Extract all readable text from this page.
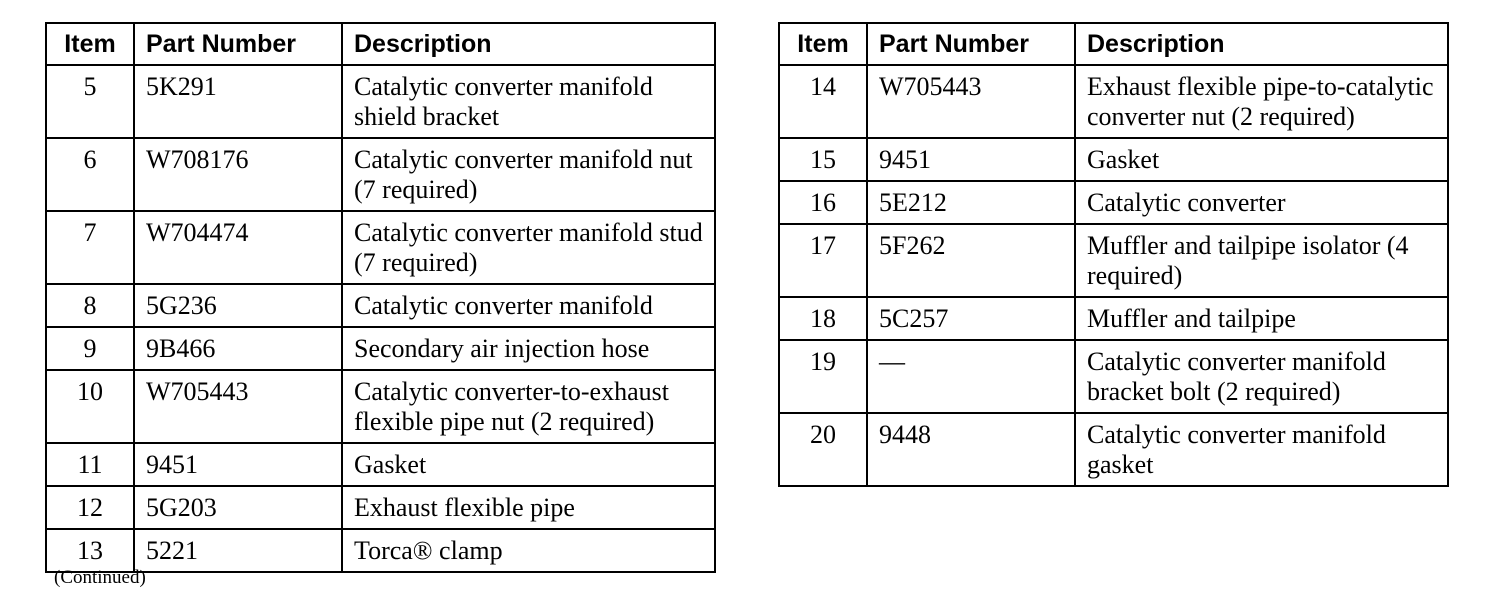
Item	Part Number	Description
5	5K291	Catalytic converter manifold shield bracket
6	W708176	Catalytic converter manifold nut (7 required)
7	W704474	Catalytic converter manifold stud (7 required)
8	5G236	Catalytic converter manifold
9	9B466	Secondary air injection hose
10	W705443	Catalytic converter-to-exhaust flexible pipe nut (2 required)
11	9451	Gasket
12	5G203	Exhaust flexible pipe
13	5221	Torca® clamp
Item	Part Number	Description
14	W705443	Exhaust flexible pipe-to-catalytic converter nut (2 required)
15	9451	Gasket
16	5E212	Catalytic converter
17	5F262	Muffler and tailpipe isolator (4 required)
18	5C257	Muffler and tailpipe
19	—	Catalytic converter manifold bracket bolt (2 required)
20	9448	Catalytic converter manifold gasket
(Continued)
